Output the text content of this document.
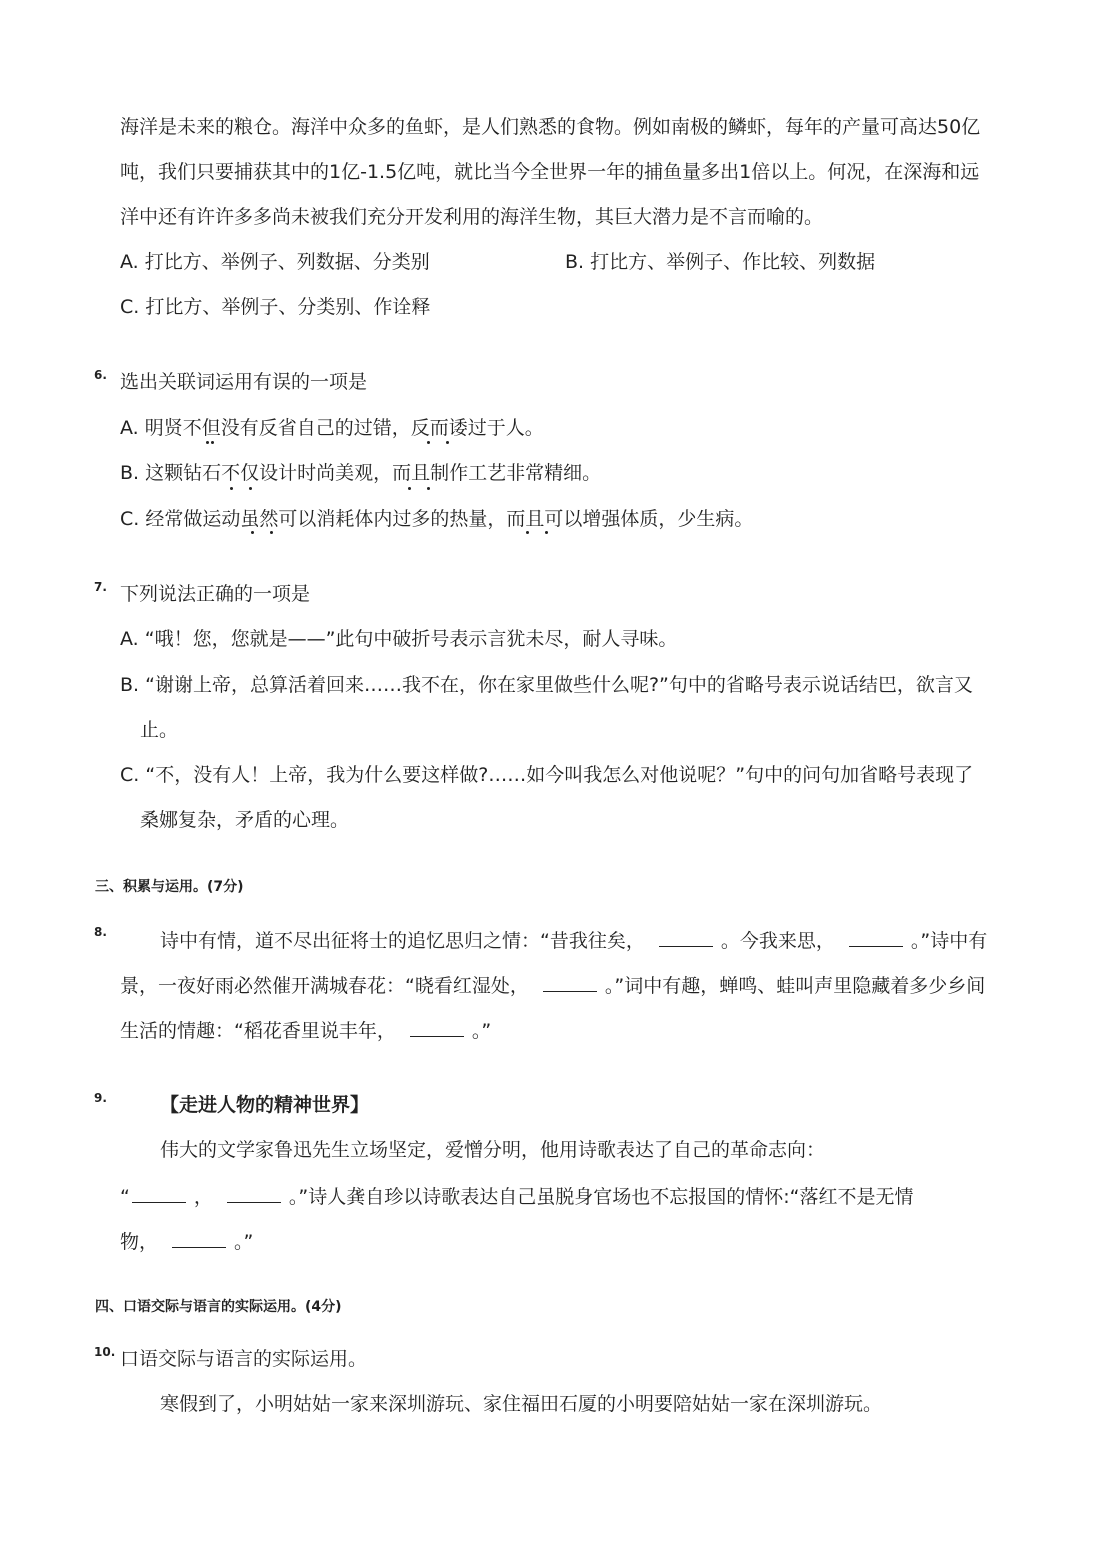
海洋是未来的粮仓。海洋中众多的鱼虾，是人们熟悉的食物。例如南极的鳞虾，每年的产量可高达50亿
吨，我们只要捕获其中的1亿-1.5亿吨，就比当今全世界一年的捕鱼量多出1倍以上。何况，在深海和远
洋中还有许许多多尚未被我们充分开发利用的海洋生物，其巨大潜力是不言而喻的。
A. 打比方、举例子、列数据、分类别	B. 打比方、举例子、作比较、列数据
C. 打比方、举例子、分类别、作诠释
6. 选出关联词运用有误的一项是
A. 明贤不但没有反省自己的过错，反而诿过于人。
B. 这颗钻石不仅设计时尚美观，而且制作工艺非常精细。
C. 经常做运动虽然可以消耗体内过多的热量，而且可以增强体质，少生病。
7. 下列说法正确的一项是
A. “哦！您，您就是——”此句中破折号表示言犹未尽，耐人寻味。
B. “谢谢上帝，总算活着回来……我不在，你在家里做些什么呢?”句中的省略号表示说话结巴，欲言又
止。
C. “不，没有人！上帝，我为什么要这样做?……如今叫我怎么对他说呢？”句中的问句加省略号表现了
桑娜复杂，矛盾的心理。
三、积累与运用。(7分)
8.	诗中有情，道不尽出征将士的追忆思归之情：“昔我往矣，	。今我来思，	。”诗中有
景，一夜好雨必然催开满城春花：“晓看红湿处，	。”词中有趣，蝉鸣、蛙叫声里隐藏着多少乡间
生活的情趣：“稻花香里说丰年，	。”
9.	【走进人物的精神世界】
伟大的文学家鲁迅先生立场坚定，爱憎分明，他用诗歌表达了自己的革命志向：
“	，	。”诗人龚自珍以诗歌表达自己虽脱身官场也不忘报国的情怀:“落红不是无情
物，	。”
四、口语交际与语言的实际运用。(4分)
10. 口语交际与语言的实际运用。
寒假到了，小明姑姑一家来深圳游玩、家住福田石厦的小明要陪姑姑一家在深圳游玩。
